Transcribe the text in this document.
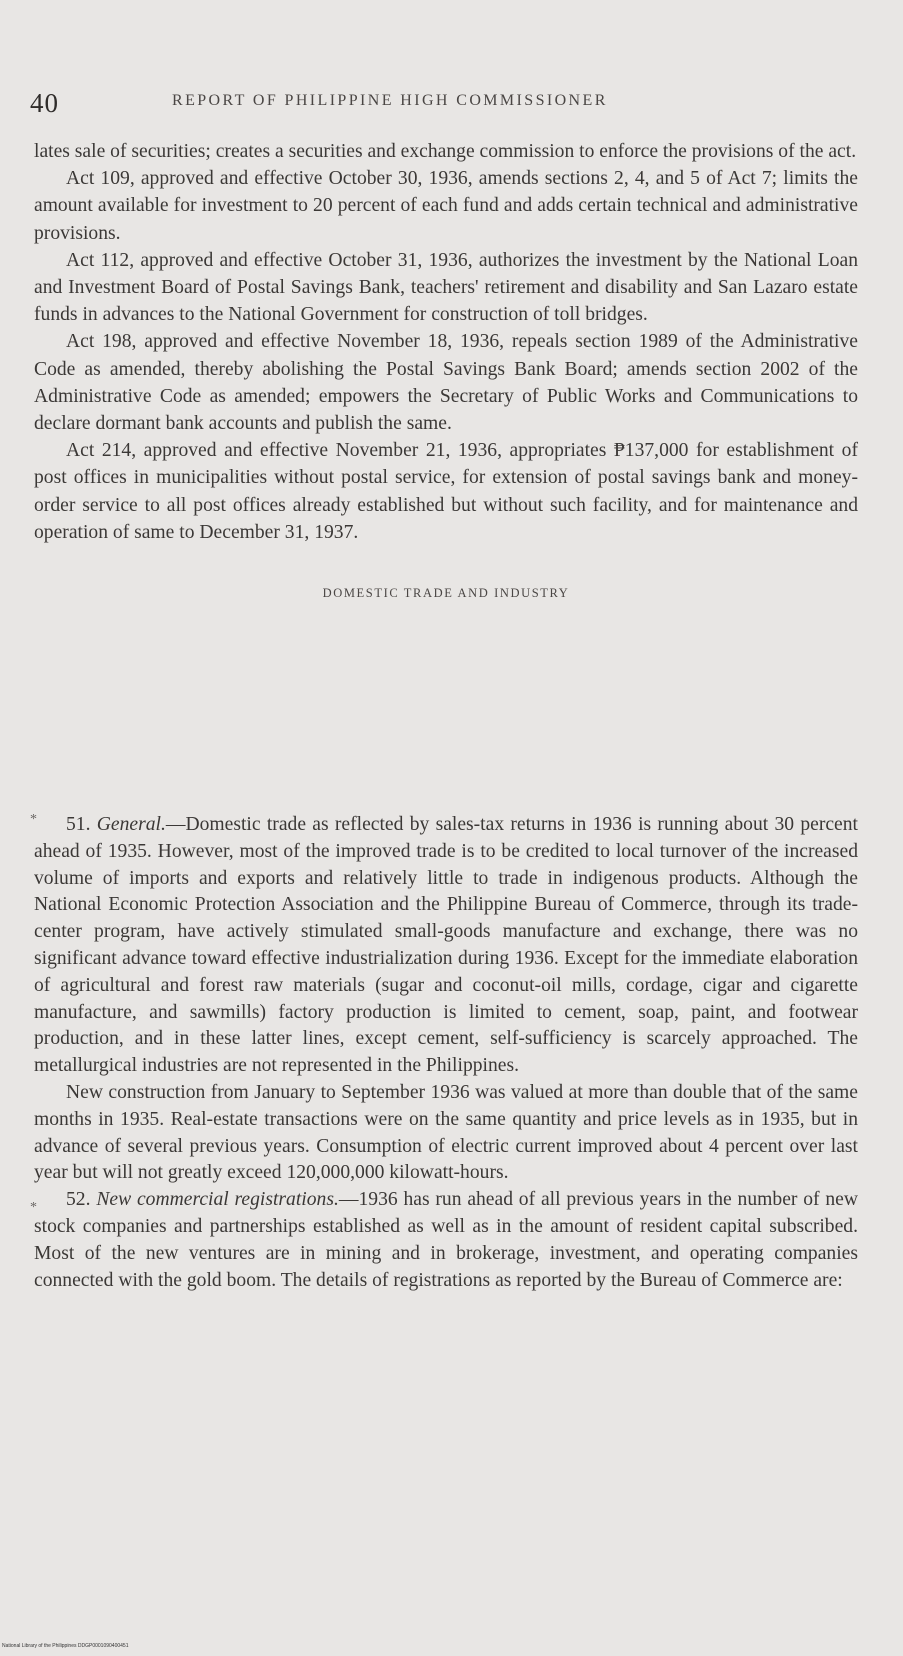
40	REPORT OF PHILIPPINE HIGH COMMISSIONER

lates sale of securities; creates a securities and exchange commission to enforce the provisions of the act.

Act 109, approved and effective October 30, 1936, amends sections 2, 4, and 5 of Act 7; limits the amount available for investment to 20 percent of each fund and adds certain technical and administrative provisions.

Act 112, approved and effective October 31, 1936, authorizes the investment by the National Loan and Investment Board of Postal Savings Bank, teachers' retirement and disability and San Lazaro estate funds in advances to the National Government for construction of toll bridges.

Act 198, approved and effective November 18, 1936, repeals section 1989 of the Administrative Code as amended, thereby abolishing the Postal Savings Bank Board; amends section 2002 of the Administrative Code as amended; empowers the Secretary of Public Works and Communications to declare dormant bank accounts and publish the same.

Act 214, approved and effective November 21, 1936, appropriates ₱137,000 for establishment of post offices in municipalities without postal service, for extension of postal savings bank and money-order service to all post offices already established but without such facility, and for maintenance and operation of same to December 31, 1937.

DOMESTIC TRADE AND INDUSTRY
*
*

51. General.—Domestic trade as reflected by sales-tax returns in 1936 is running about 30 percent ahead of 1935. However, most of the improved trade is to be credited to local turnover of the increased volume of imports and exports and relatively little to trade in indigenous products. Although the National Economic Protection Association and the Philippine Bureau of Commerce, through its trade-center program, have actively stimulated small-goods manufacture and exchange, there was no significant advance toward effective industrialization during 1936. Except for the immediate elaboration of agricultural and forest raw materials (sugar and coconut-oil mills, cordage, cigar and cigarette manufacture, and sawmills) factory production is limited to cement, soap, paint, and footwear production, and in these latter lines, except cement, self-sufficiency is scarcely approached. The metallurgical industries are not represented in the Philippines.

New construction from January to September 1936 was valued at more than double that of the same months in 1935. Real-estate transactions were on the same quantity and price levels as in 1935, but in advance of several previous years. Consumption of electric current improved about 4 percent over last year but will not greatly exceed 120,000,000 kilowatt-hours.

52. New commercial registrations.—1936 has run ahead of all previous years in the number of new stock companies and partnerships established as well as in the amount of resident capital subscribed. Most of the new ventures are in mining and in brokerage, investment, and operating companies connected with the gold boom. The details of registrations as reported by the Bureau of Commerce are:

National Library of the Philippines DDGP0001090400451
